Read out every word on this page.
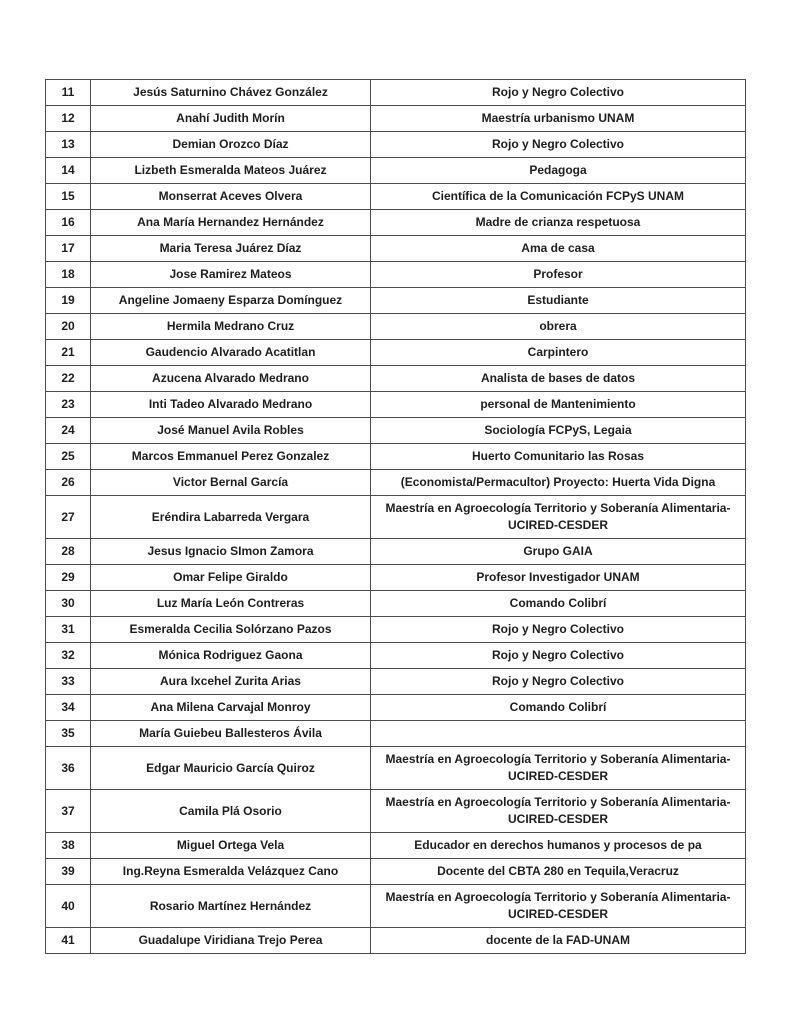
11	Jesús Saturnino Chávez González	Rojo y Negro Colectivo
12	Anahí Judith Morín	Maestría urbanismo UNAM
13	Demian Orozco Díaz	Rojo y Negro Colectivo
14	Lizbeth Esmeralda Mateos Juárez	Pedagoga
15	Monserrat Aceves Olvera	Científica de la Comunicación FCPyS UNAM
16	Ana María Hernandez Hernández	Madre de crianza respetuosa
17	Maria Teresa Juárez Díaz	Ama de casa
18	Jose Ramirez Mateos	Profesor
19	Angeline Jomaeny Esparza Domínguez	Estudiante
20	Hermila Medrano Cruz	obrera
21	Gaudencio Alvarado Acatitlan	Carpintero
22	Azucena Alvarado Medrano	Analista de bases de datos
23	Inti Tadeo Alvarado Medrano	personal de Mantenimiento
24	José Manuel Avila Robles	Sociología FCPyS, Legaia
25	Marcos Emmanuel Perez Gonzalez	Huerto Comunitario las Rosas
26	Victor Bernal García	(Economista/Permacultor) Proyecto: Huerta Vida Digna
27	Eréndira Labarreda Vergara	Maestría en Agroecología Territorio y Soberanía Alimentaria-UCIRED-CESDER
28	Jesus Ignacio SImon Zamora	Grupo GAIA
29	Omar Felipe Giraldo	Profesor Investigador UNAM
30	Luz María León Contreras	Comando Colibrí
31	Esmeralda Cecilia Solórzano Pazos	Rojo y Negro Colectivo
32	Mónica Rodriguez Gaona	Rojo y Negro Colectivo
33	Aura Ixcehel Zurita Arias	Rojo y Negro Colectivo
34	Ana Milena Carvajal Monroy	Comando Colibrí
35	María Guiebeu Ballesteros Ávila	
36	Edgar Mauricio García Quiroz	Maestría en Agroecología Territorio y Soberanía Alimentaria-UCIRED-CESDER
37	Camila Plá Osorio	Maestría en Agroecología Territorio y Soberanía Alimentaria-UCIRED-CESDER
38	Miguel Ortega Vela	Educador en derechos humanos y procesos de pa
39	Ing.Reyna Esmeralda Velázquez Cano	Docente del CBTA 280 en Tequila,Veracruz
40	Rosario Martínez Hernández	Maestría en Agroecología Territorio y Soberanía Alimentaria-UCIRED-CESDER
41	Guadalupe Viridiana Trejo Perea	docente de la FAD-UNAM
